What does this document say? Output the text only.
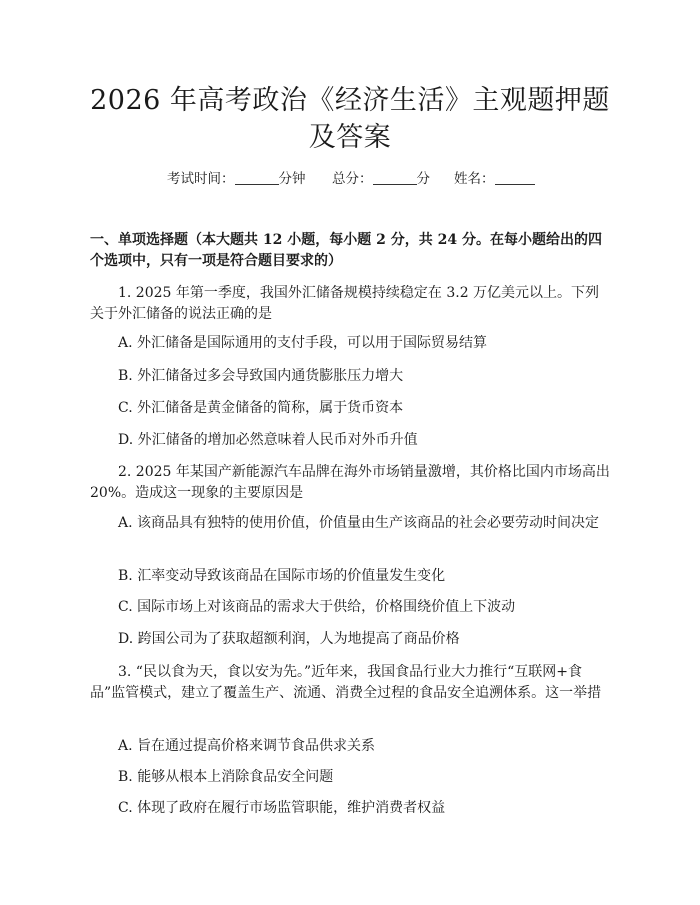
2026 年高考政治《经济生活》主观题押题及答案
考试时间：	分钟 总分：	分 姓名：
一、单项选择题（本大题共 12 小题，每小题 2 分，共 24 分。在每小题给出的四个选项中，只有一项是符合题目要求的）
1. 2025 年第一季度，我国外汇储备规模持续稳定在 3.2 万亿美元以上。下列关于外汇储备的说法正确的是
A. 外汇储备是国际通用的支付手段，可以用于国际贸易结算
B. 外汇储备过多会导致国内通货膨胀压力增大
C. 外汇储备是黄金储备的简称，属于货币资本
D. 外汇储备的增加必然意味着人民币对外币升值
2. 2025 年某国产新能源汽车品牌在海外市场销量激增，其价格比国内市场高出 20%。造成这一现象的主要原因是
A. 该商品具有独特的使用价值，价值量由生产该商品的社会必要劳动时间决定
B. 汇率变动导致该商品在国际市场的价值量发生变化
C. 国际市场上对该商品的需求大于供给，价格围绕价值上下波动
D. 跨国公司为了获取超额利润，人为地提高了商品价格
3. “民以食为天，食以安为先。”近年来，我国食品行业大力推行“互联网+食品”监管模式，建立了覆盖生产、流通、消费全过程的食品安全追溯体系。这一举措
A. 旨在通过提高价格来调节食品供求关系
B. 能够从根本上消除食品安全问题
C. 体现了政府在履行市场监管职能，维护消费者权益
